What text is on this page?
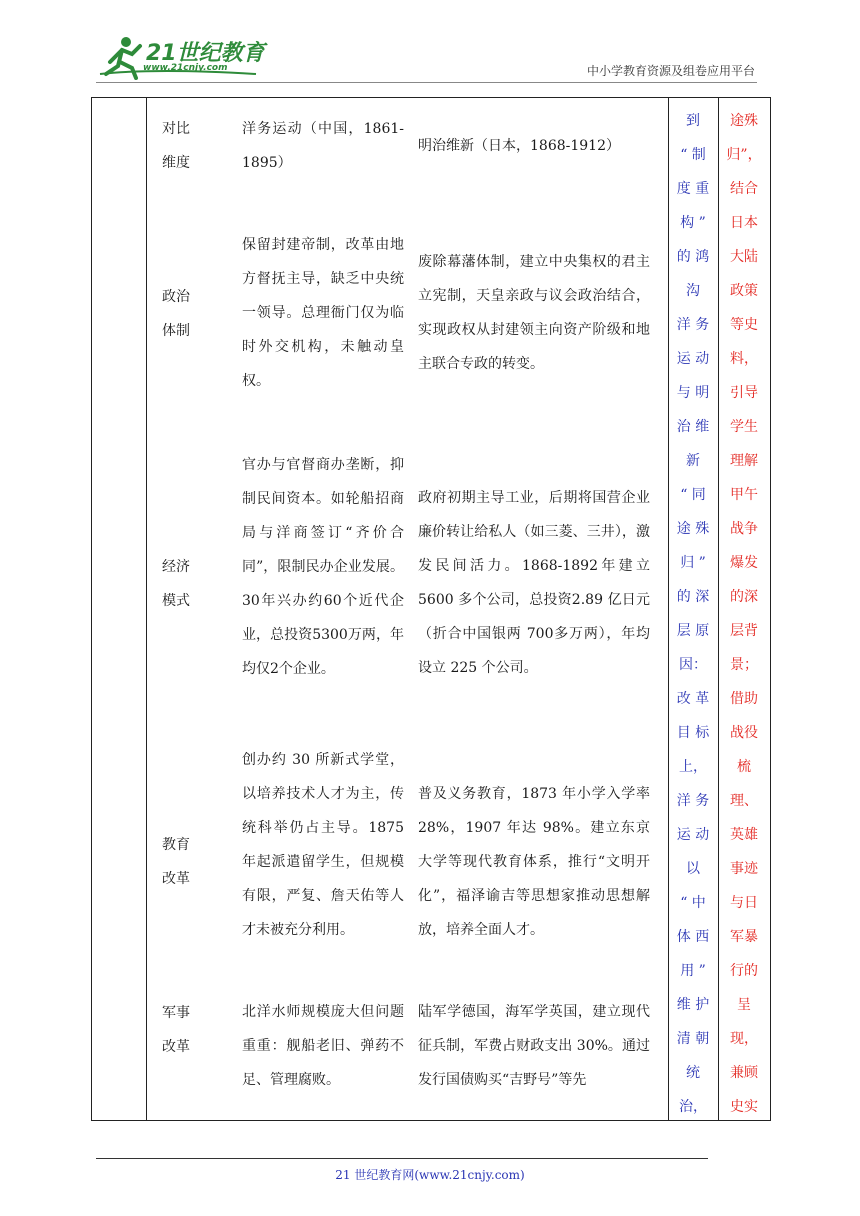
21世纪教育
www.21cnjy.com	中小学教育资源及组卷应用平台
对比
维度
洋务运动（中国，1861-1895）
明治维新（日本，1868-1912）
政治
体制
保留封建帝制，改革由地方督抚主导，缺乏中央统一领导。总理衙门仅为临时外交机构，未触动皇权。
废除幕藩体制，建立中央集权的君主立宪制，天皇亲政与议会政治结合，实现政权从封建领主向资产阶级和地主联合专政的转变。
经济
模式
官办与官督商办垄断，抑制民间资本。如轮船招商局与洋商签订“齐价合同”，限制民办企业发展。30年兴办约60个近代企业，总投资5300万两，年均仅2个企业。
政府初期主导工业，后期将国营企业廉价转让给私人（如三菱、三井），激发民间活力。1868-1892年建立 5600 多个公司，总投资2.89 亿日元（折合中国银两 700多万两），年均设立 225 个公司。
教育
改革
创办约 30 所新式学堂，以培养技术人才为主，传统科举仍占主导。1875 年起派遣留学生，但规模有限，严复、詹天佑等人才未被充分利用。
普及义务教育，1873 年小学入学率 28%，1907 年达 98%。建立东京大学等现代教育体系，推行“文明开化”，福泽谕吉等思想家推动思想解放，培养全面人才。
军事
改革
北洋水师规模庞大但问题重重：舰船老旧、弹药不足、管理腐败。
陆军学德国，海军学英国，建立现代征兵制，军费占财政支出 30%。通过发行国债购买“吉野号”等先
到
“ 制
度 重
构 ”
的 鸿
沟
洋 务
运 动
与 明
治 维
新
“ 同
途 殊
归 ”
的 深
层 原
因：
改 革
目 标
上，
洋 务
运 动
以
“ 中
体 西
用 ”
维 护
清 朝
统
治，
途殊
归”，
结合
日本
大陆
政策
等史
料，
引导
学生
理解
甲午
战争
爆发
的深
层背
景；
借助
战役
梳
理、
英雄
事迹
与日
军暴
行的
呈
现，
兼顾
史实
21 世纪教育网(www.21cnjy.com)
